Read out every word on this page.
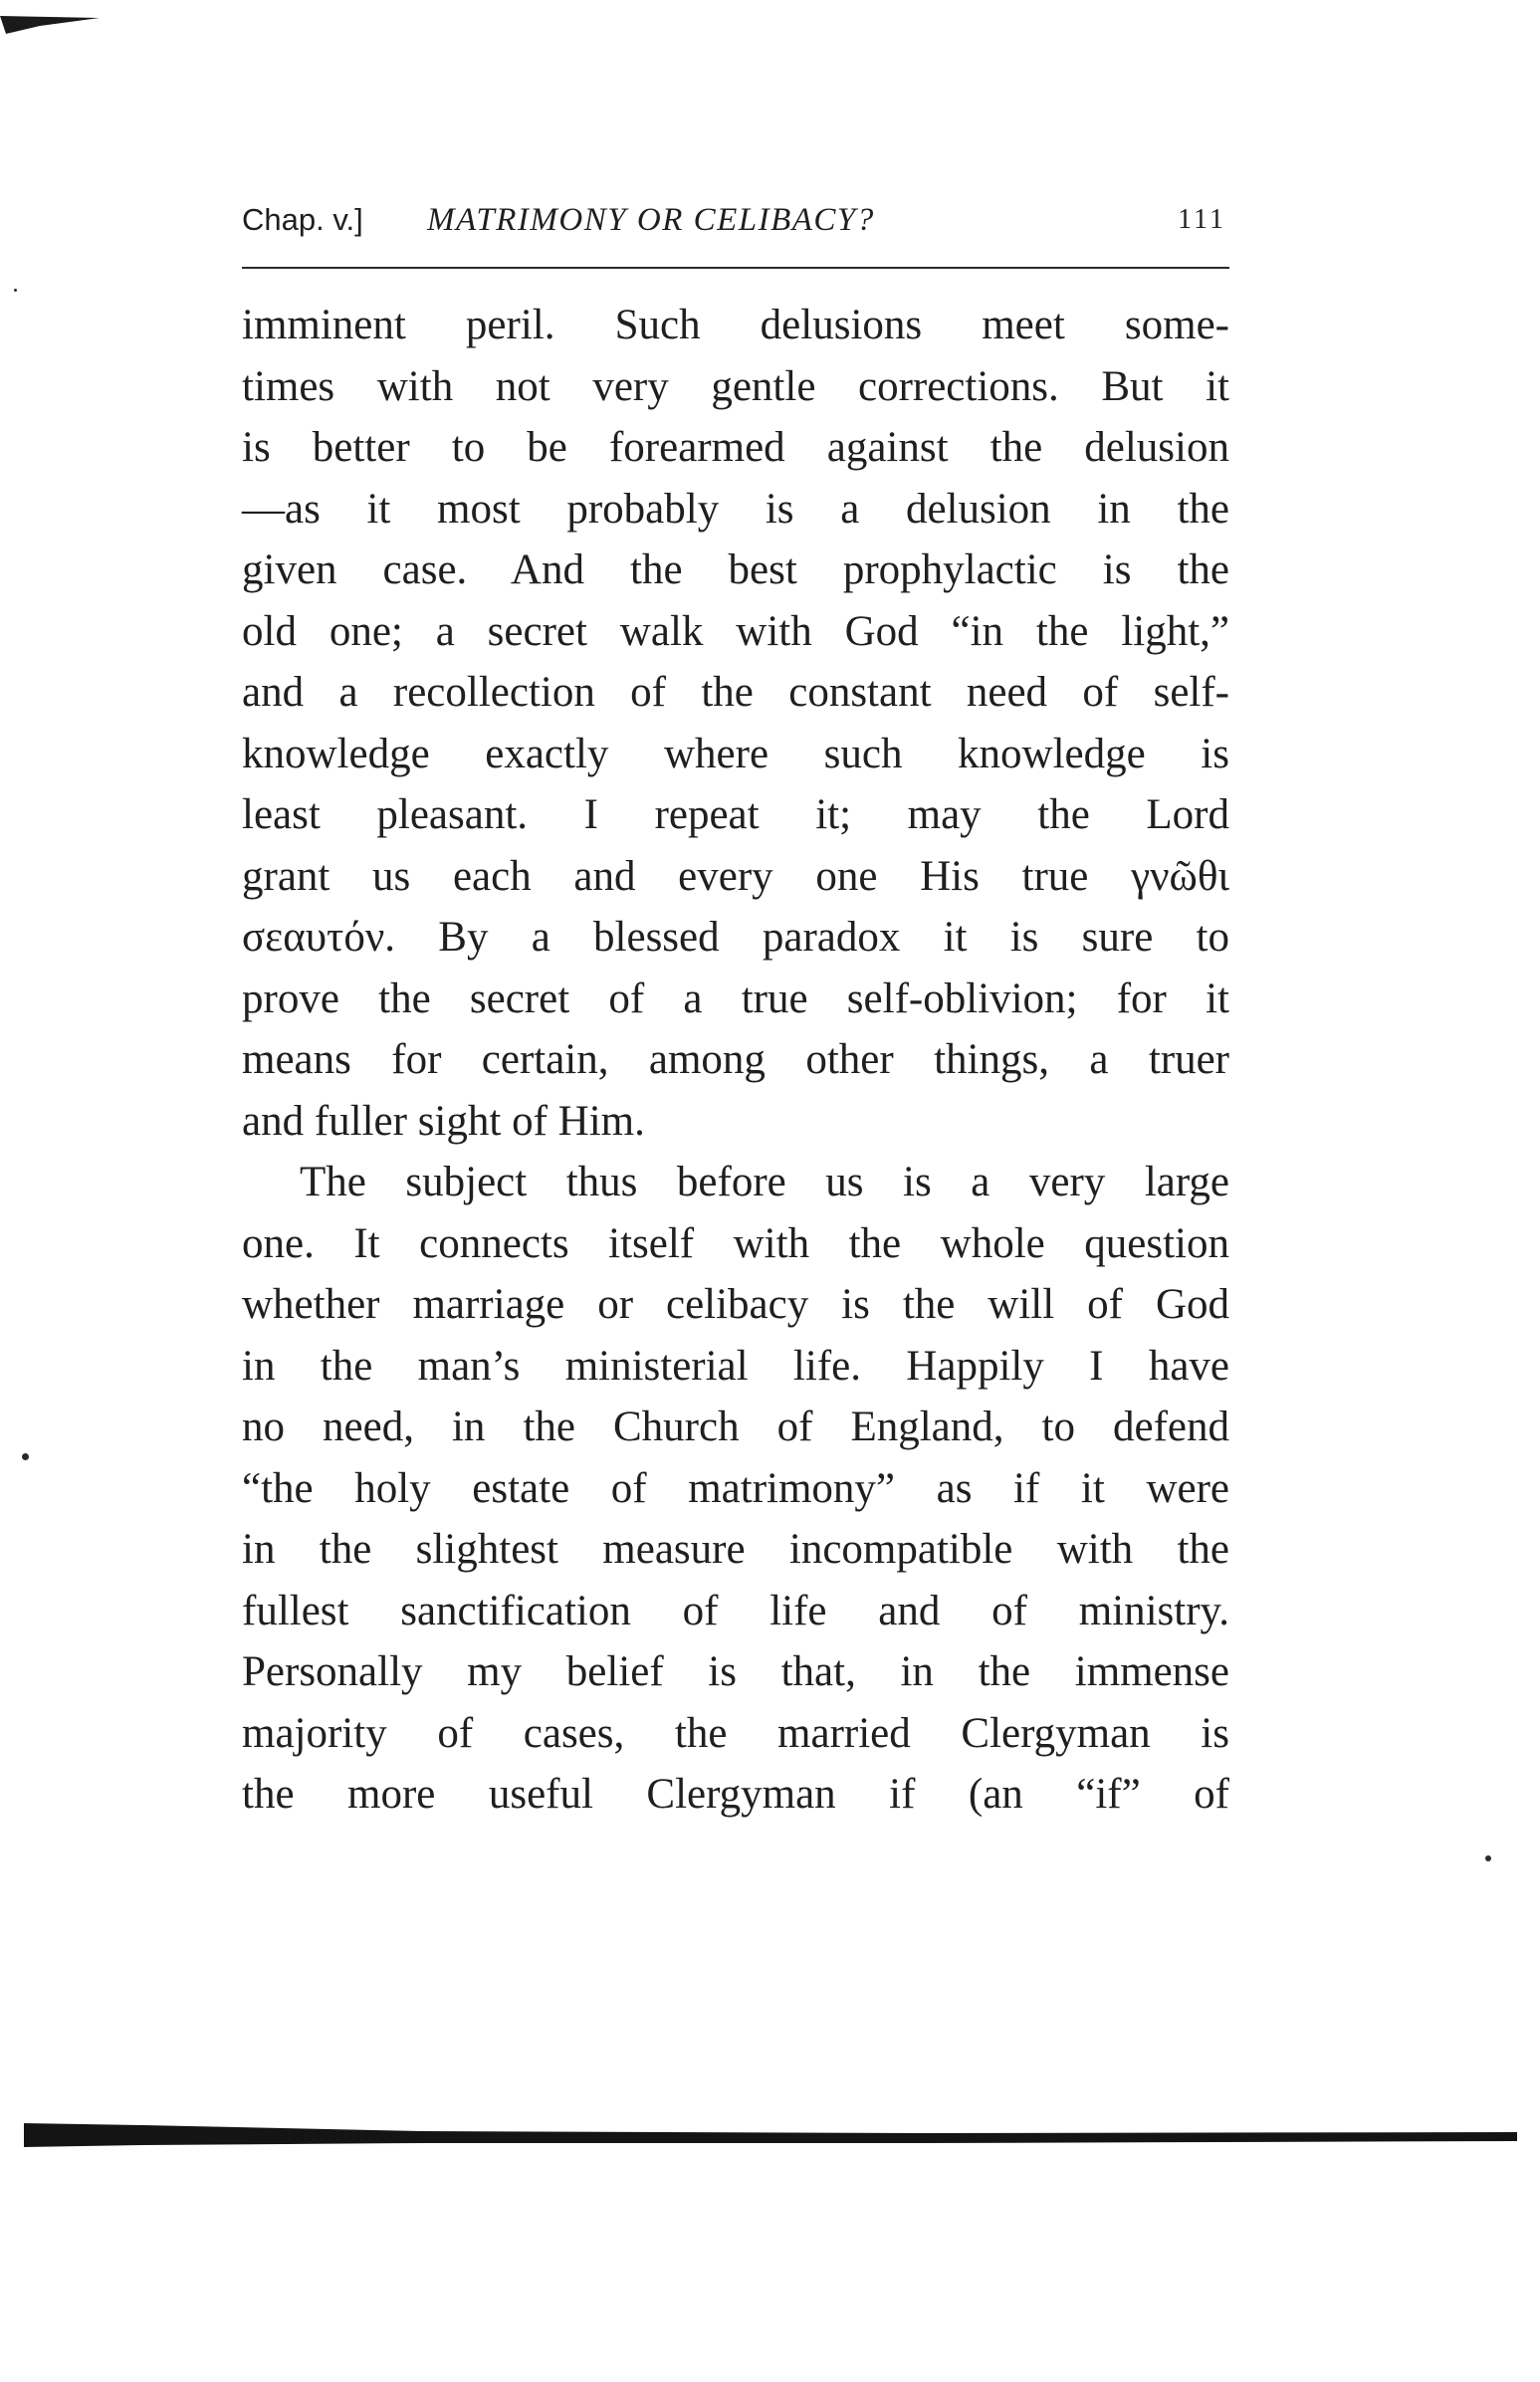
Chap. v.] MATRIMONY OR CELIBACY?	111
imminent peril. Such delusions meet some-
times with not very gentle corrections. But it
is better to be forearmed against the delusion
—as it most probably is a delusion in the
given case. And the best prophylactic is the
old one; a secret walk with God “in the light,”
and a recollection of the constant need of self-
knowledge exactly where such knowledge is
least pleasant. I repeat it; may the Lord
grant us each and every one His true γνῶθι
σεαυτόν. By a blessed paradox it is sure to
prove the secret of a true self-oblivion; for it
means for certain, among other things, a truer
and fuller sight of Him.
The subject thus before us is a very large
one. It connects itself with the whole question
whether marriage or celibacy is the will of God
in the man’s ministerial life. Happily I have
no need, in the Church of England, to defend
“the holy estate of matrimony” as if it were
in the slightest measure incompatible with the
fullest sanctification of life and of ministry.
Personally my belief is that, in the immense
majority of cases, the married Clergyman is
the more useful Clergyman if (an “if” of
